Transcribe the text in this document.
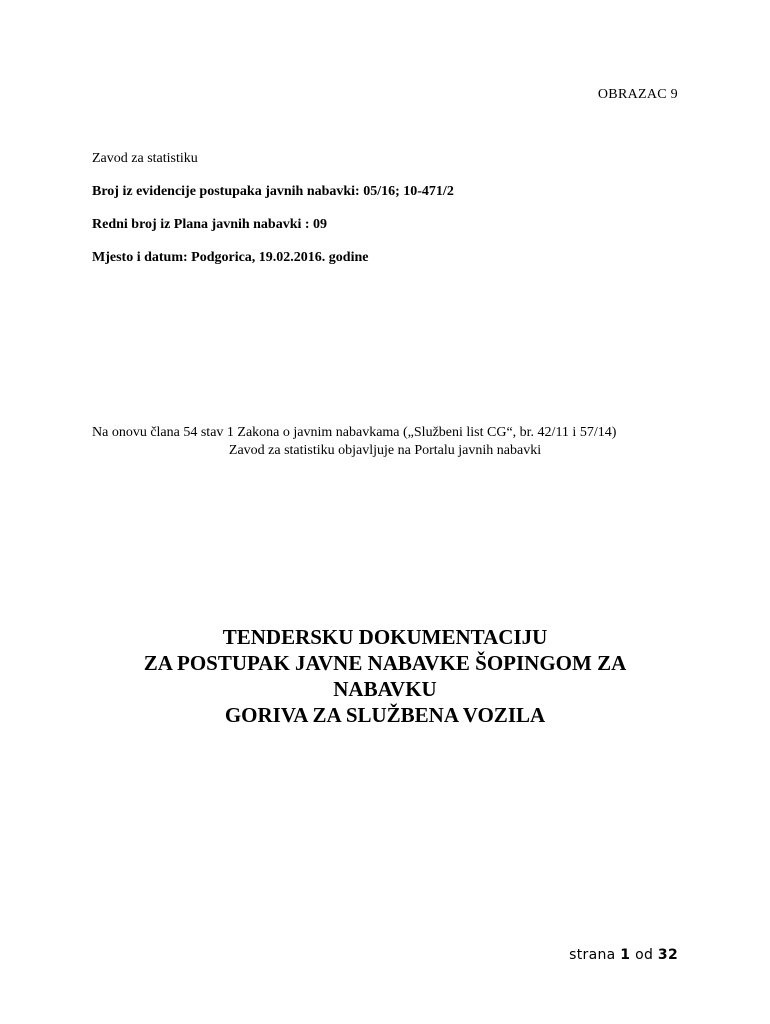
OBRAZAC 9

Zavod za statistiku

Broj iz evidencije postupaka javnih nabavki: 05/16; 10-471/2

Redni broj iz Plana javnih nabavki : 09

Mjesto i datum: Podgorica, 19.02.2016. godine

Na onovu člana 54 stav 1 Zakona o javnim nabavkama („Službeni list CG“, br. 42/11 i 57/14)
Zavod za statistiku objavljuje na Portalu javnih nabavki
TENDERSKU DOKUMENTACIJU
ZA POSTUPAK JAVNE NABAVKE ŠOPINGOM ZA
NABAVKU
GORIVA ZA SLUŽBENA VOZILA
strana 1 od 32
